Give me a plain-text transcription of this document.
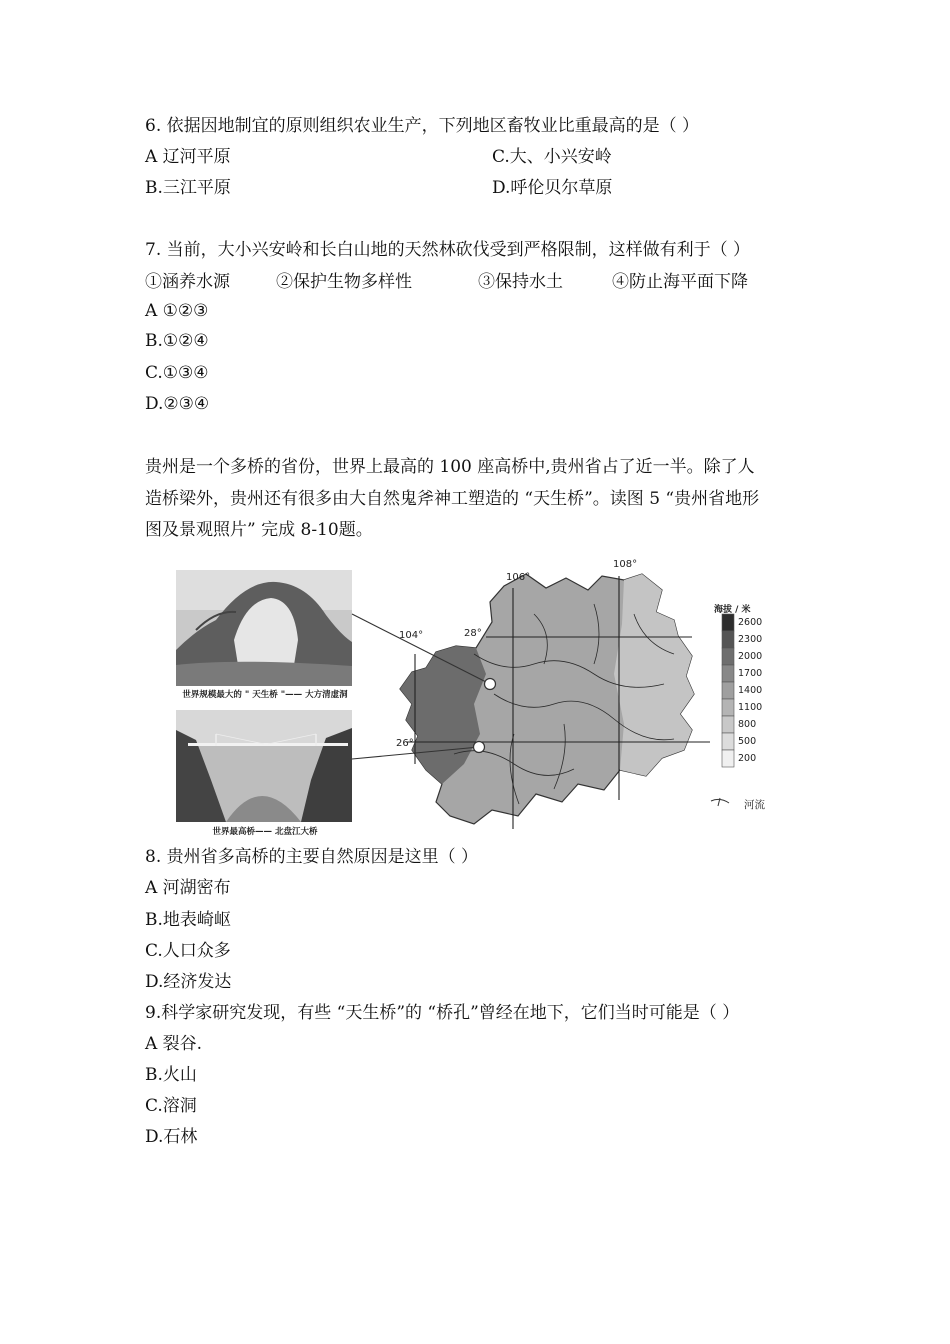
6. 依据因地制宜的原则组织农业生产，下列地区畜牧业比重最高的是（ ）
A 辽河平原	C.大、小兴安岭
B.三江平原	D.呼伦贝尔草原
7. 当前，大小兴安岭和长白山地的天然林砍伐受到严格限制，这样做有利于（ ）
①涵养水源	②保护生物多样性	③保持水土	④防止海平面下降
A ①②③
B.①②④
C.①③④
D.②③④
贵州是一个多桥的省份，世界上最高的 100 座高桥中,贵州省占了近一半。除了人
造桥梁外，贵州还有很多由大自然鬼斧神工塑造的 “天生桥”。读图 5 “贵州省地形
图及景观照片” 完成 8-10题。
世界规模最大的 " 天生桥 "—— 大方清虚洞
世界最高桥—— 北盘江大桥
106°
108°
104°	28°
26°
海拔 / 米
2600
2300
2000
1700
1400
1100
800
500
200
河流
8. 贵州省多高桥的主要自然原因是这里（ ）
A 河湖密布
B.地表崎岖
C.人口众多
D.经济发达
9.科学家研究发现，有些 “天生桥”的 “桥孔”曾经在地下，它们当时可能是（ ）
A 裂谷.
B.火山
C.溶洞
D.石林
